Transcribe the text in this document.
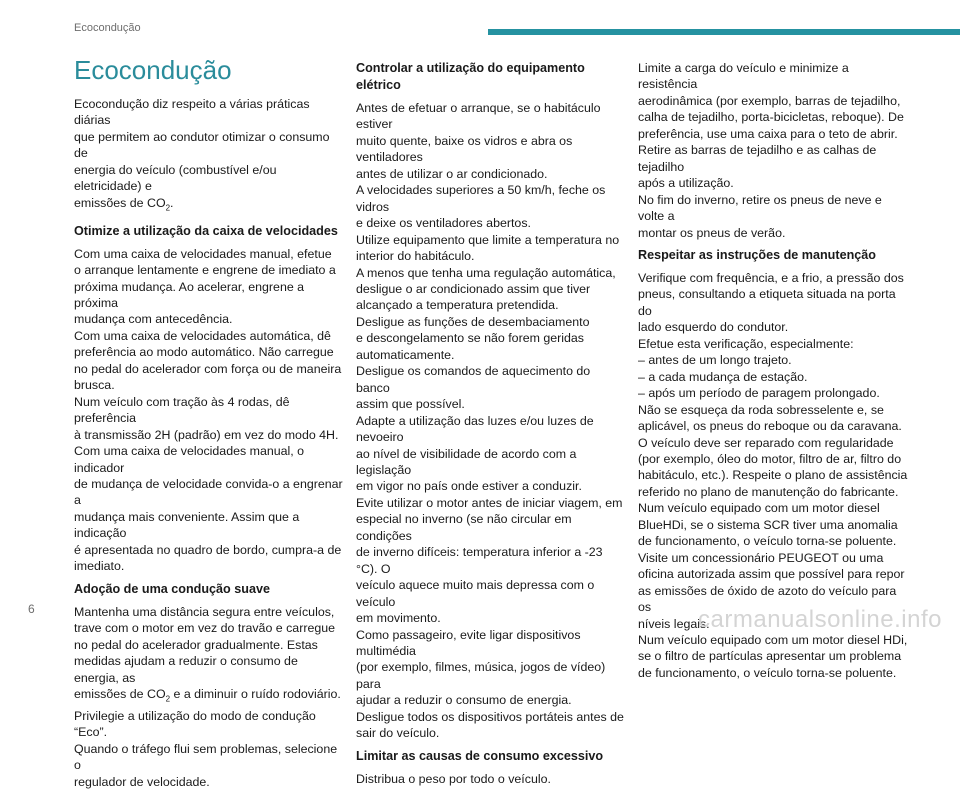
Ecocondução
Ecocondução

Ecocondução diz respeito a várias práticas diárias
que permitem ao condutor otimizar o consumo de
energia do veículo (combustível e/ou eletricidade) e
emissões de $CO_2$.

Otimize a utilização da caixa de velocidades

Com uma caixa de velocidades manual, efetue
o arranque lentamente e engrene de imediato a
próxima mudança. Ao acelerar, engrene a próxima
mudança com antecedência.
Com uma caixa de velocidades automática, dê
preferência ao modo automático. Não carregue
no pedal do acelerador com força ou de maneira
brusca.
Num veículo com tração às 4 rodas, dê preferência
à transmissão 2H (padrão) em vez do modo 4H.
Com uma caixa de velocidades manual, o indicador
de mudança de velocidade convida-o a engrenar a
mudança mais conveniente. Assim que a indicação
é apresentada no quadro de bordo, cumpra-a de
imediato.

Adoção de uma condução suave

Mantenha uma distância segura entre veículos,
trave com o motor em vez do travão e carregue
no pedal do acelerador gradualmente. Estas
medidas ajudam a reduzir o consumo de energia, as
emissões de $CO_2$ e a diminuir o ruído rodoviário.
Privilegie a utilização do modo de condução “Eco”.
Quando o tráfego flui sem problemas, selecione o
regulador de velocidade.

Controlar a utilização do equipamento
elétrico

Antes de efetuar o arranque, se o habitáculo estiver
muito quente, baixe os vidros e abra os ventiladores
antes de utilizar o ar condicionado.
A velocidades superiores a 50 km/h, feche os vidros
e deixe os ventiladores abertos.
Utilize equipamento que limite a temperatura no
interior do habitáculo.
A menos que tenha uma regulação automática,
desligue o ar condicionado assim que tiver
alcançado a temperatura pretendida.
Desligue as funções de desembaciamento
e descongelamento se não forem geridas
automaticamente.
Desligue os comandos de aquecimento do banco
assim que possível.
Adapte a utilização das luzes e/ou luzes de nevoeiro
ao nível de visibilidade de acordo com a legislação
em vigor no país onde estiver a conduzir.
Evite utilizar o motor antes de iniciar viagem, em
especial no inverno (se não circular em condições
de inverno difíceis: temperatura inferior a -23 °C). O
veículo aquece muito mais depressa com o veículo
em movimento.
Como passageiro, evite ligar dispositivos multimédia
(por exemplo, filmes, música, jogos de vídeo) para
ajudar a reduzir o consumo de energia.
Desligue todos os dispositivos portáteis antes de
sair do veículo.

Limitar as causas de consumo excessivo

Distribua o peso por todo o veículo.

Limite a carga do veículo e minimize a resistência
aerodinâmica (por exemplo, barras de tejadilho,
calha de tejadilho, porta-bicicletas, reboque). De
preferência, use uma caixa para o teto de abrir.
Retire as barras de tejadilho e as calhas de tejadilho
após a utilização.
No fim do inverno, retire os pneus de neve e volte a
montar os pneus de verão.

Respeitar as instruções de manutenção

Verifique com frequência, e a frio, a pressão dos
pneus, consultando a etiqueta situada na porta do
lado esquerdo do condutor.
Efetue esta verificação, especialmente:
– antes de um longo trajeto.
– a cada mudança de estação.
– após um período de paragem prolongado.
Não se esqueça da roda sobresselente e, se
aplicável, os pneus do reboque ou da caravana.
O veículo deve ser reparado com regularidade
(por exemplo, óleo do motor, filtro de ar, filtro do
habitáculo, etc.). Respeite o plano de assistência
referido no plano de manutenção do fabricante.
Num veículo equipado com um motor diesel
BlueHDi, se o sistema SCR tiver uma anomalia
de funcionamento, o veículo torna-se poluente.
Visite um concessionário PEUGEOT ou uma
oficina autorizada assim que possível para repor
as emissões de óxido de azoto do veículo para os
níveis legais.
Num veículo equipado com um motor diesel HDi,
se o filtro de partículas apresentar um problema
de funcionamento, o veículo torna-se poluente.

6	carmanualsonline.info
